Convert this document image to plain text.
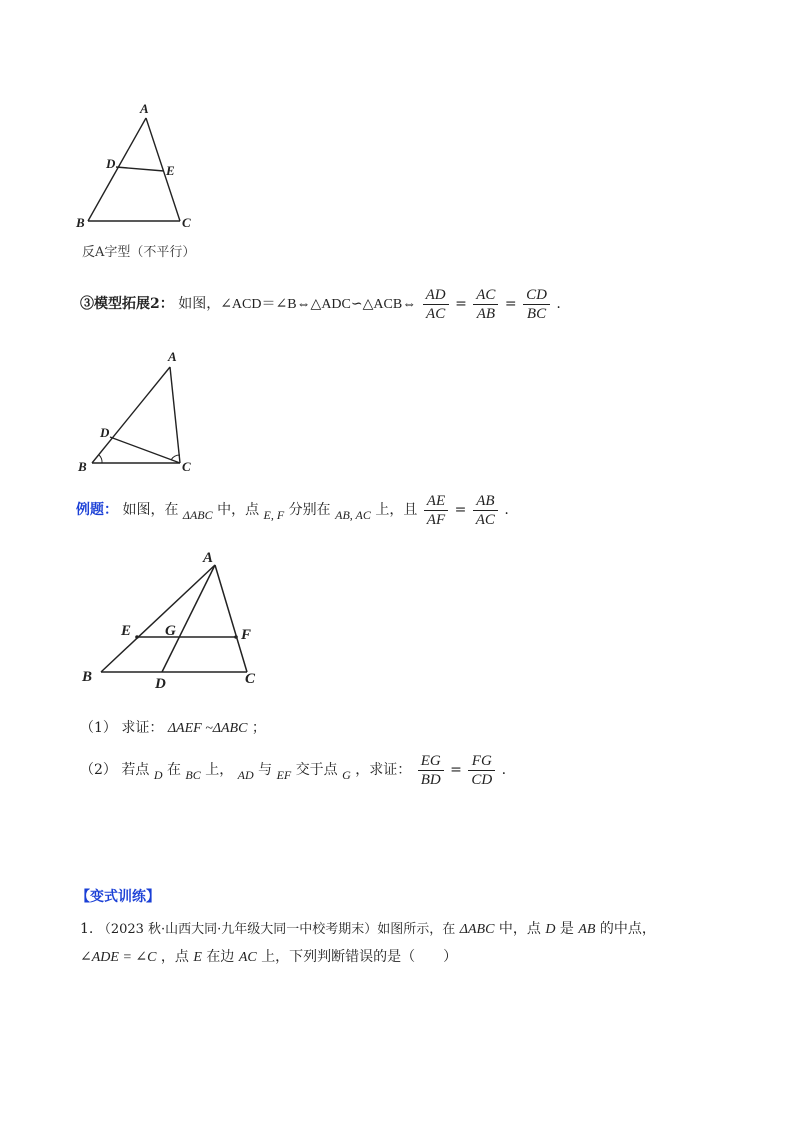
A
D	E
B	C
反A字型（不平行）
③模型拓展2： 如图，∠ACD＝∠B⇔△ADC∽△ACB⇔ $\frac{AD}{AC} = \frac{AC}{AB} = \frac{CD}{BC}$ .
A
D
B	C
例题： 如图，在 ΔABC 中，点 E, F 分别在 AB, AC 上，且 $\frac{AE}{AF} = \frac{AB}{AC}$ .
A
E G	F
B	D	C
（1） 求证： ΔAEF ~ΔABC ；
（2） 若点 D 在 BC 上， AD 与 EF 交于点 G ，求证： $\frac{EG}{BD} = \frac{FG}{CD}$ .
【变式训练】
1. （2023 秋·山西大同·九年级大同一中校考期末）如图所示，在 ΔABC 中，点 D 是 AB 的中点，
∠ADE = ∠C ，点 E 在边 AC 上，下列判断错误的是（　　）
